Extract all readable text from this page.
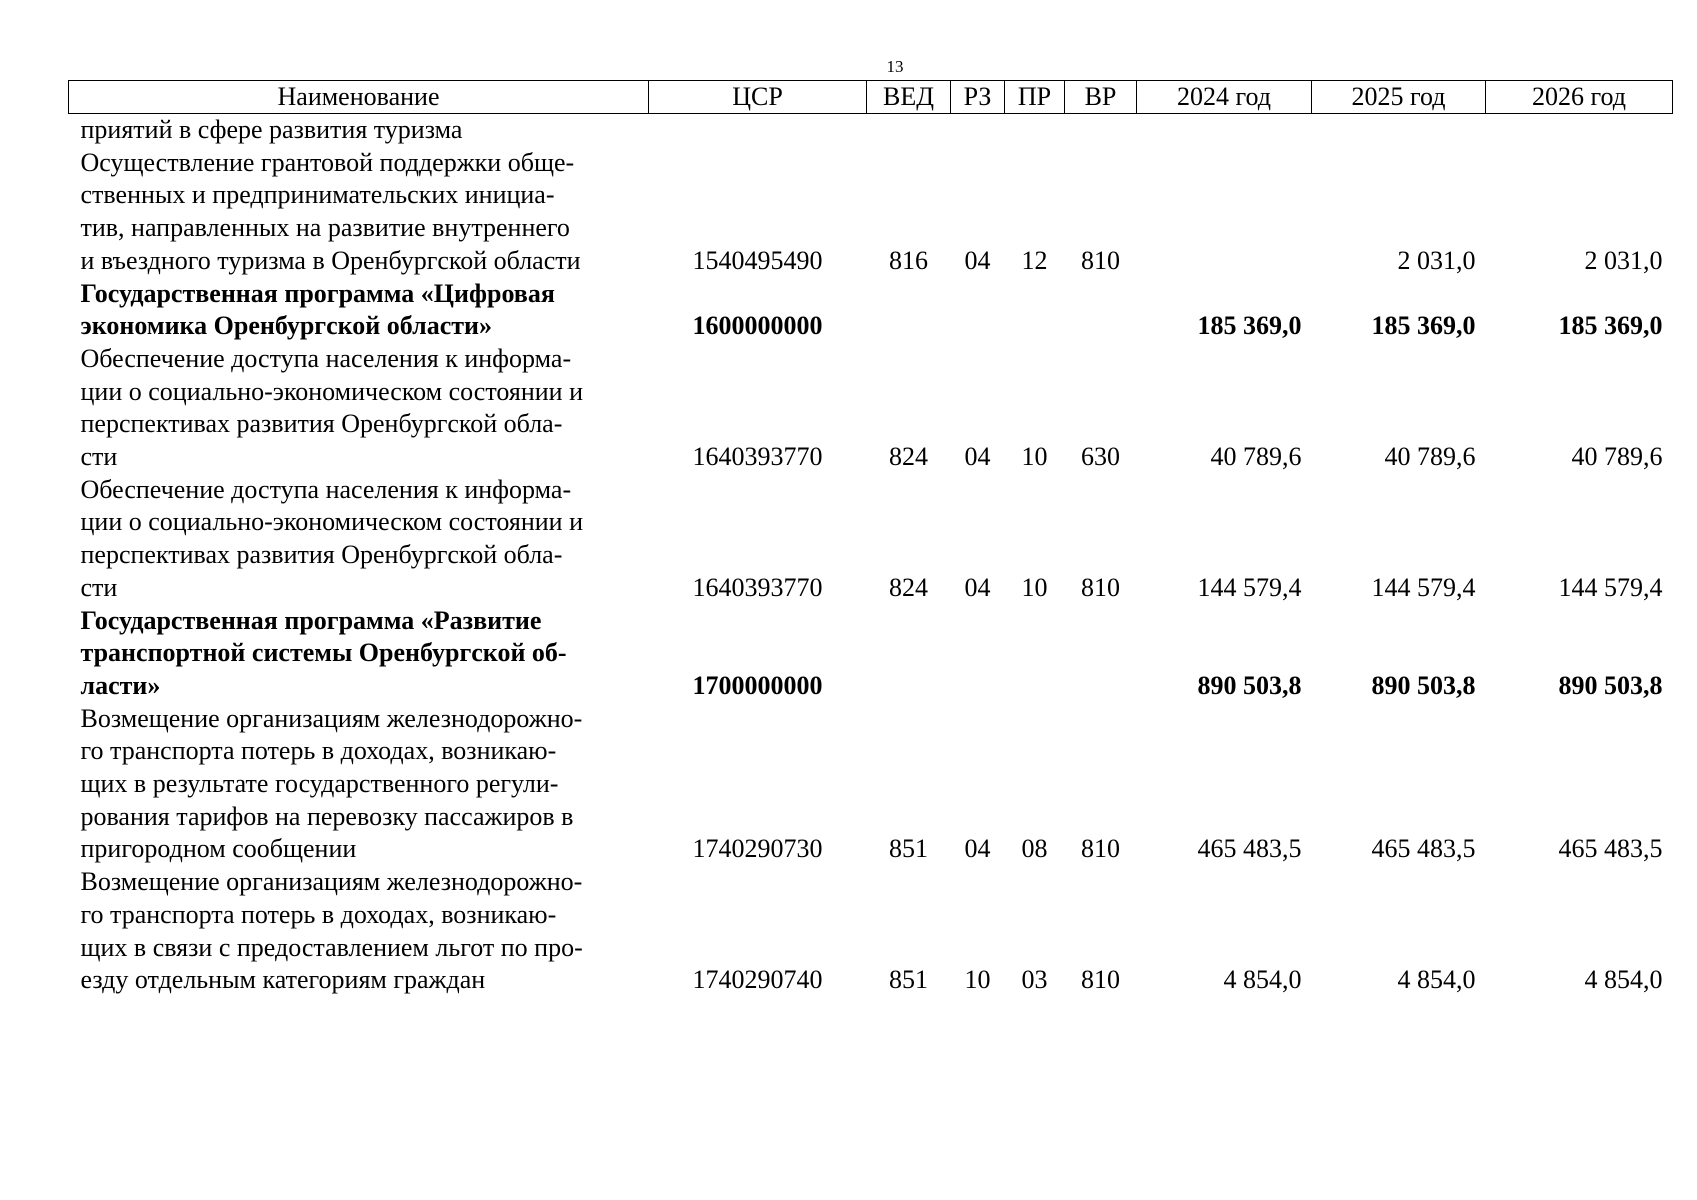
13
Наименование	ЦСР	ВЕД	РЗ	ПР	ВР	2024 год	2025 год	2026 год

приятий в сфере развития туризма
Осуществление грантовой поддержки обще-
ственных и предпринимательских инициа-
тив, направленных на развитие внутреннего
и въездного туризма в Оренбургской области	1540495490	816	04	12	810		2 031,0	2 031,0

Государственная программа «Цифровая
экономика Оренбургской области»	1600000000					185 369,0	185 369,0	185 369,0

Обеспечение доступа населения к информа-
ции о социально-экономическом состоянии и
перспективах развития Оренбургской обла-
сти	1640393770	824	04	10	630	40 789,6	40 789,6	40 789,6

Обеспечение доступа населения к информа-
ции о социально-экономическом состоянии и
перспективах развития Оренбургской обла-
сти	1640393770	824	04	10	810	144 579,4	144 579,4	144 579,4

Государственная программа «Развитие
транспортной системы Оренбургской об-
ласти»	1700000000					890 503,8	890 503,8	890 503,8

Возмещение организациям железнодорожно-
го транспорта потерь в доходах, возникаю-
щих в результате государственного регули-
рования тарифов на перевозку пассажиров в
пригородном сообщении	1740290730	851	04	08	810	465 483,5	465 483,5	465 483,5

Возмещение организациям железнодорожно-
го транспорта потерь в доходах, возникаю-
щих в связи с предоставлением льгот по про-
езду отдельным категориям граждан	1740290740	851	10	03	810	4 854,0	4 854,0	4 854,0
